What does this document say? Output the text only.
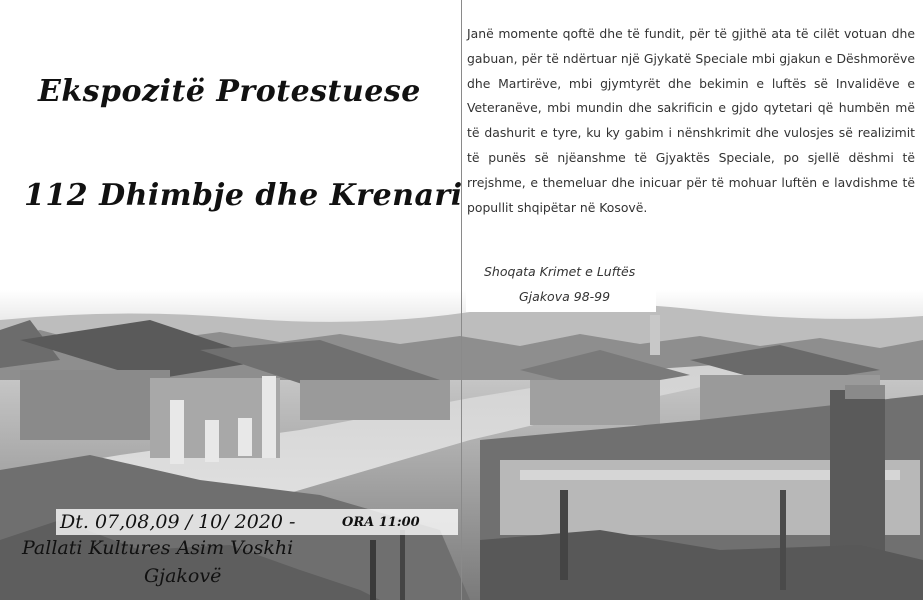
Ekspozitë Protestuese
112 Dhimbje dhe Krenari
Janë momente qoftë dhe të fundit, për të gjithë ata të cilët votuan dhe gabuan, për të ndërtuar një Gjykatë Speciale mbi gjakun e Dëshmorëve dhe Martirëve, mbi gjymtyrët dhe bekimin e luftës së Invalidëve e Veteranëve, mbi mundin dhe sakrificin e gjdo qytetari që humbën më të dashurit e tyre, ku ky gabim i nënshkrimit dhe vulosjes së realizimit të punës së njëanshme të Gjyaktës Speciale, po sjellë dëshmi të rrejshme, e themeluar dhe inicuar për të mohuar luftën e lavdishme të popullit shqipëtar në Kosovë.
Shoqata Krimet e Luftës
Gjakova 98-99
Dt. 07,08,09 / 10/ 2020 -	ORA 11:00
Pallati Kultures Asim Voskhi
Gjakovë
